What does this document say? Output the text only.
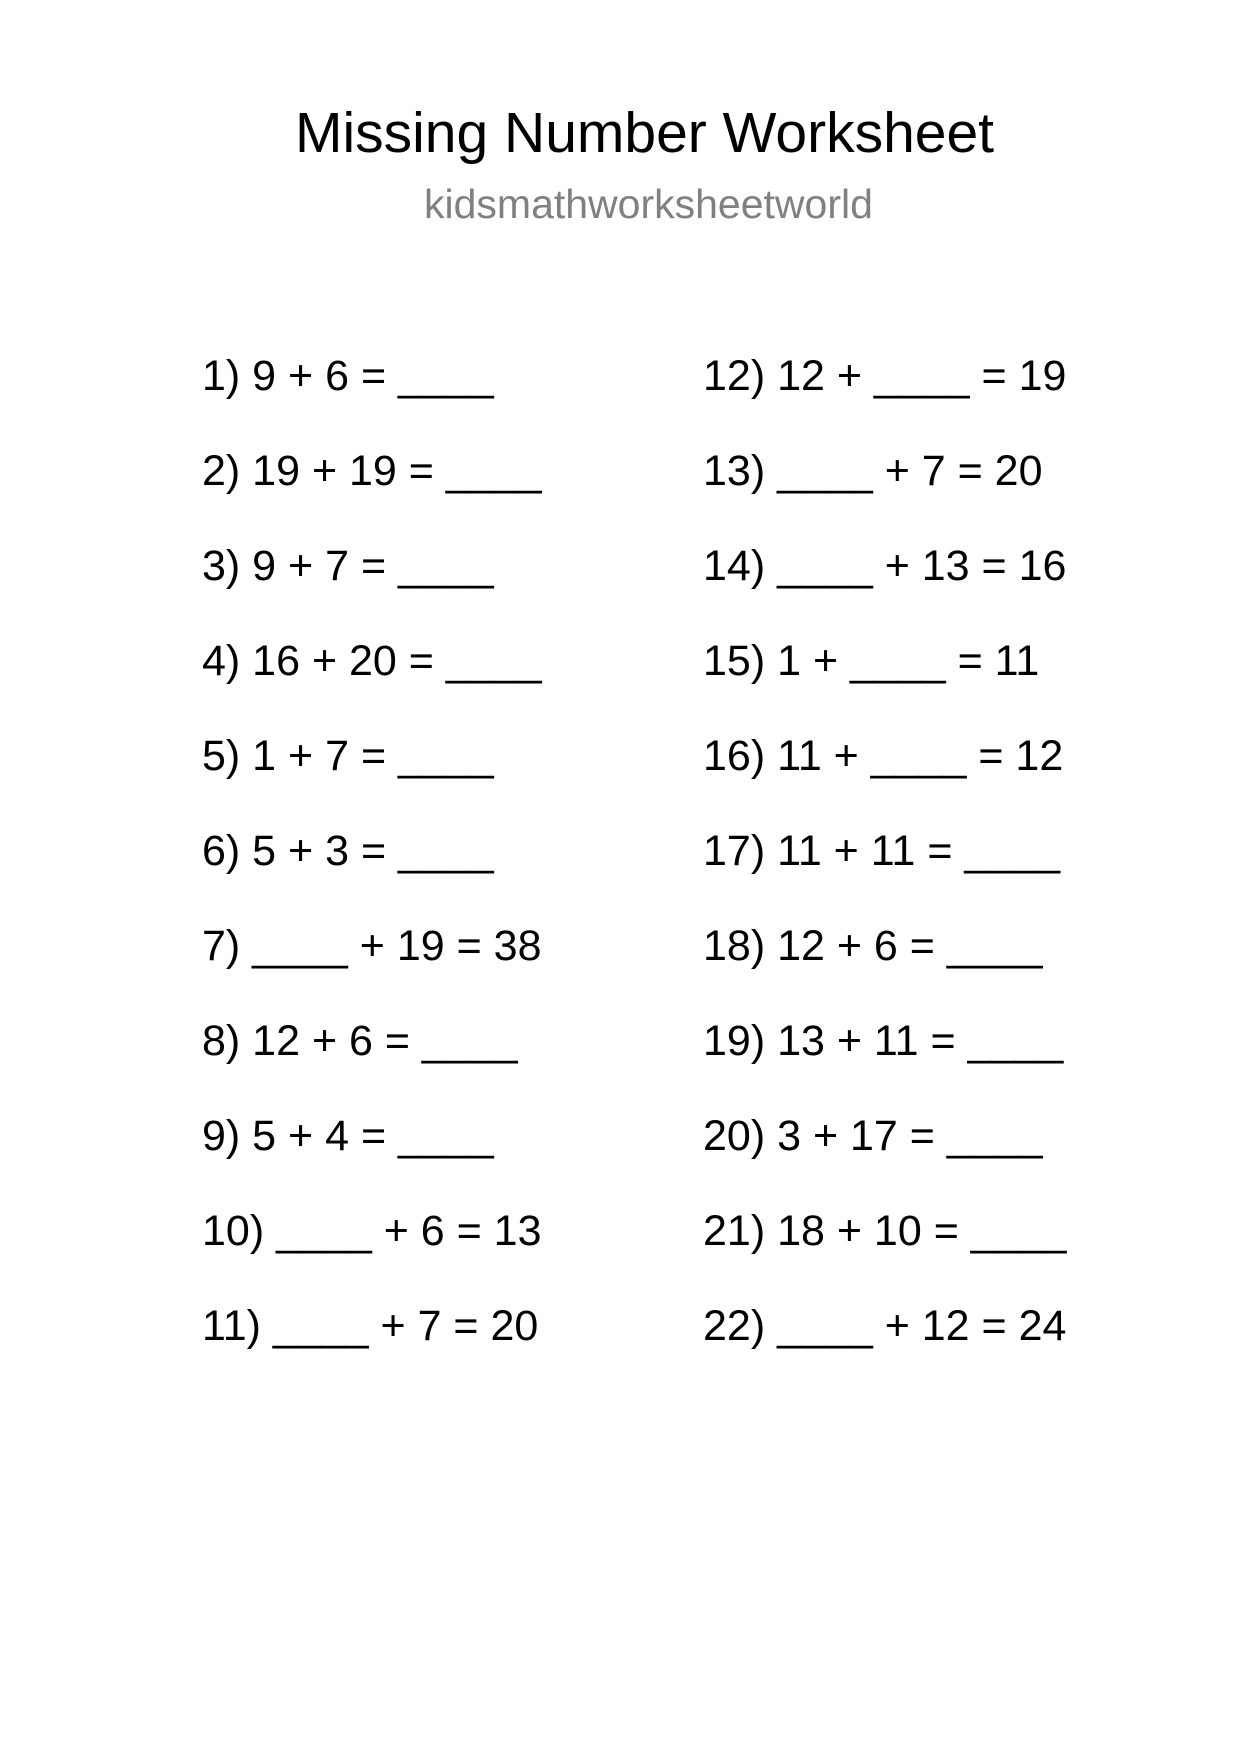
Missing Number Worksheet
kidsmathworksheetworld
1) 9 + 6 = ____
2) 19 + 19 = ____
3) 9 + 7 = ____
4) 16 + 20 = ____
5) 1 + 7 = ____
6) 5 + 3 = ____
7) ____ + 19 = 38
8) 12 + 6 = ____
9) 5 + 4 = ____
10) ____ + 6 = 13
11) ____ + 7 = 20
12) 12 + ____ = 19
13) ____ + 7 = 20
14) ____ + 13 = 16
15) 1 + ____ = 11
16) 11 + ____ = 12
17) 11 + 11 = ____
18) 12 + 6 = ____
19) 13 + 11 = ____
20) 3 + 17 = ____
21) 18 + 10 = ____
22) ____ + 12 = 24
